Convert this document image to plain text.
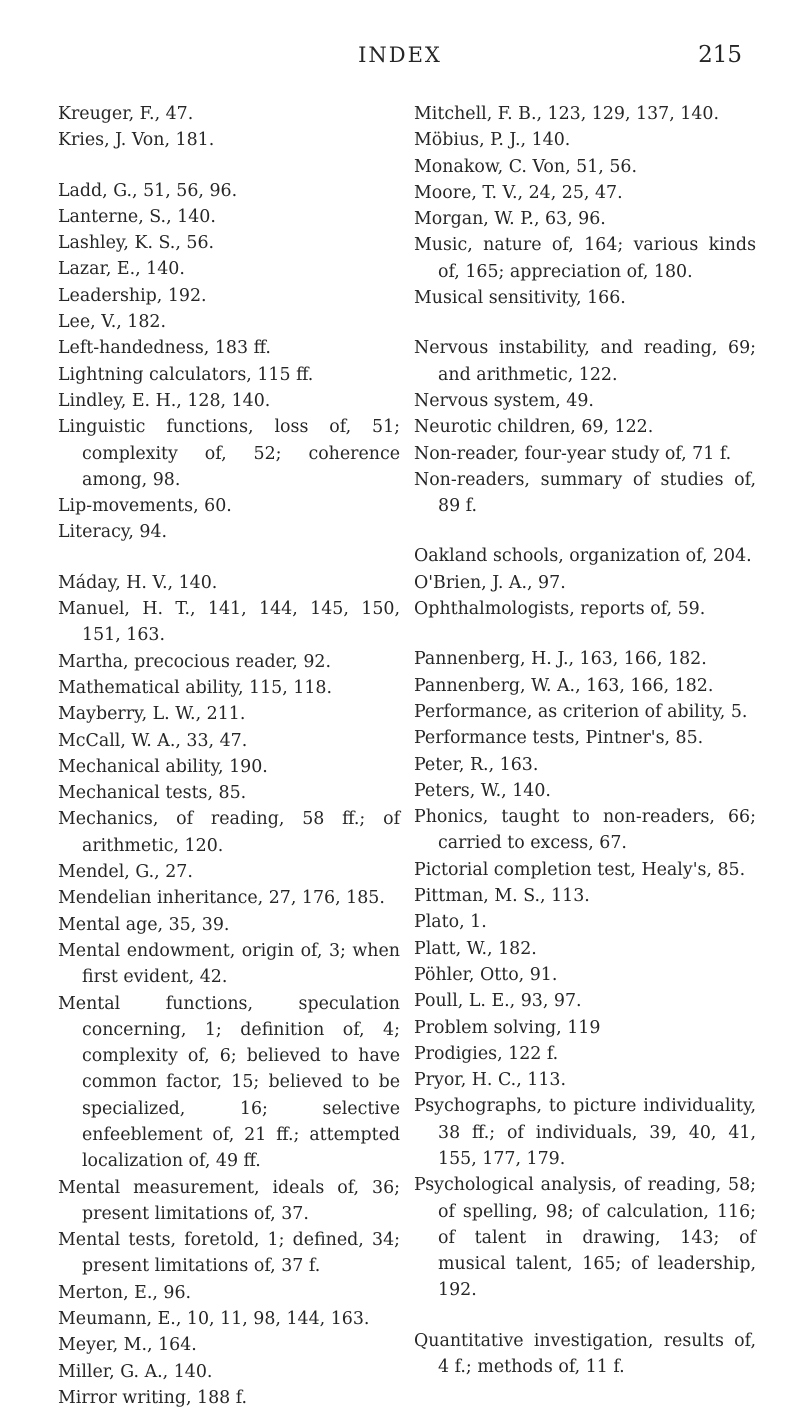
INDEX	215

Kreuger, F., 47.

Kries, J. Von, 181.

Ladd, G., 51, 56, 96.

Lanterne, S., 140.

Lashley, K. S., 56.

Lazar, E., 140.

Leadership, 192.

Lee, V., 182.

Left-handedness, 183 ff.

Lightning calculators, 115 ff.

Lindley, E. H., 128, 140.

Linguistic functions, loss of, 51; complexity of, 52; coherence among, 98.

Lip-movements, 60.

Literacy, 94.

Máday, H. V., 140.

Manuel, H. T., 141, 144, 145, 150, 151, 163.

Martha, precocious reader, 92.

Mathematical ability, 115, 118.

Mayberry, L. W., 211.

McCall, W. A., 33, 47.

Mechanical ability, 190.

Mechanical tests, 85.

Mechanics, of reading, 58 ff.; of arithmetic, 120.

Mendel, G., 27.

Mendelian inheritance, 27, 176, 185.

Mental age, 35, 39.

Mental endowment, origin of, 3; when first evident, 42.

Mental functions, speculation concerning, 1; definition of, 4; complexity of, 6; believed to have common factor, 15; believed to be specialized, 16; selective enfeeblement of, 21 ff.; attempted localization of, 49 ff.

Mental measurement, ideals of, 36; present limitations of, 37.

Mental tests, foretold, 1; defined, 34; present limitations of, 37 f.

Merton, E., 96.

Meumann, E., 10, 11, 98, 144, 163.

Meyer, M., 164.

Miller, G. A., 140.

Mirror writing, 188 f.

Mitchell, F. B., 123, 129, 137, 140.

Möbius, P. J., 140.

Monakow, C. Von, 51, 56.

Moore, T. V., 24, 25, 47.

Morgan, W. P., 63, 96.

Music, nature of, 164; various kinds of, 165; appreciation of, 180.

Musical sensitivity, 166.

Nervous instability, and reading, 69; and arithmetic, 122.

Nervous system, 49.

Neurotic children, 69, 122.

Non-reader, four-year study of, 71 f.

Non-readers, summary of studies of, 89 f.

Oakland schools, organization of, 204.

O'Brien, J. A., 97.

Ophthalmologists, reports of, 59.

Pannenberg, H. J., 163, 166, 182.

Pannenberg, W. A., 163, 166, 182.

Performance, as criterion of ability, 5.

Performance tests, Pintner's, 85.

Peter, R., 163.

Peters, W., 140.

Phonics, taught to non-readers, 66; carried to excess, 67.

Pictorial completion test, Healy's, 85.

Pittman, M. S., 113.

Plato, 1.

Platt, W., 182.

Pöhler, Otto, 91.

Poull, L. E., 93, 97.

Problem solving, 119

Prodigies, 122 f.

Pryor, H. C., 113.

Psychographs, to picture individuality, 38 ff.; of individuals, 39, 40, 41, 155, 177, 179.

Psychological analysis, of reading, 58; of spelling, 98; of calculation, 116; of talent in drawing, 143; of musical talent, 165; of leadership, 192.

Quantitative investigation, results of, 4 f.; methods of, 11 f.
